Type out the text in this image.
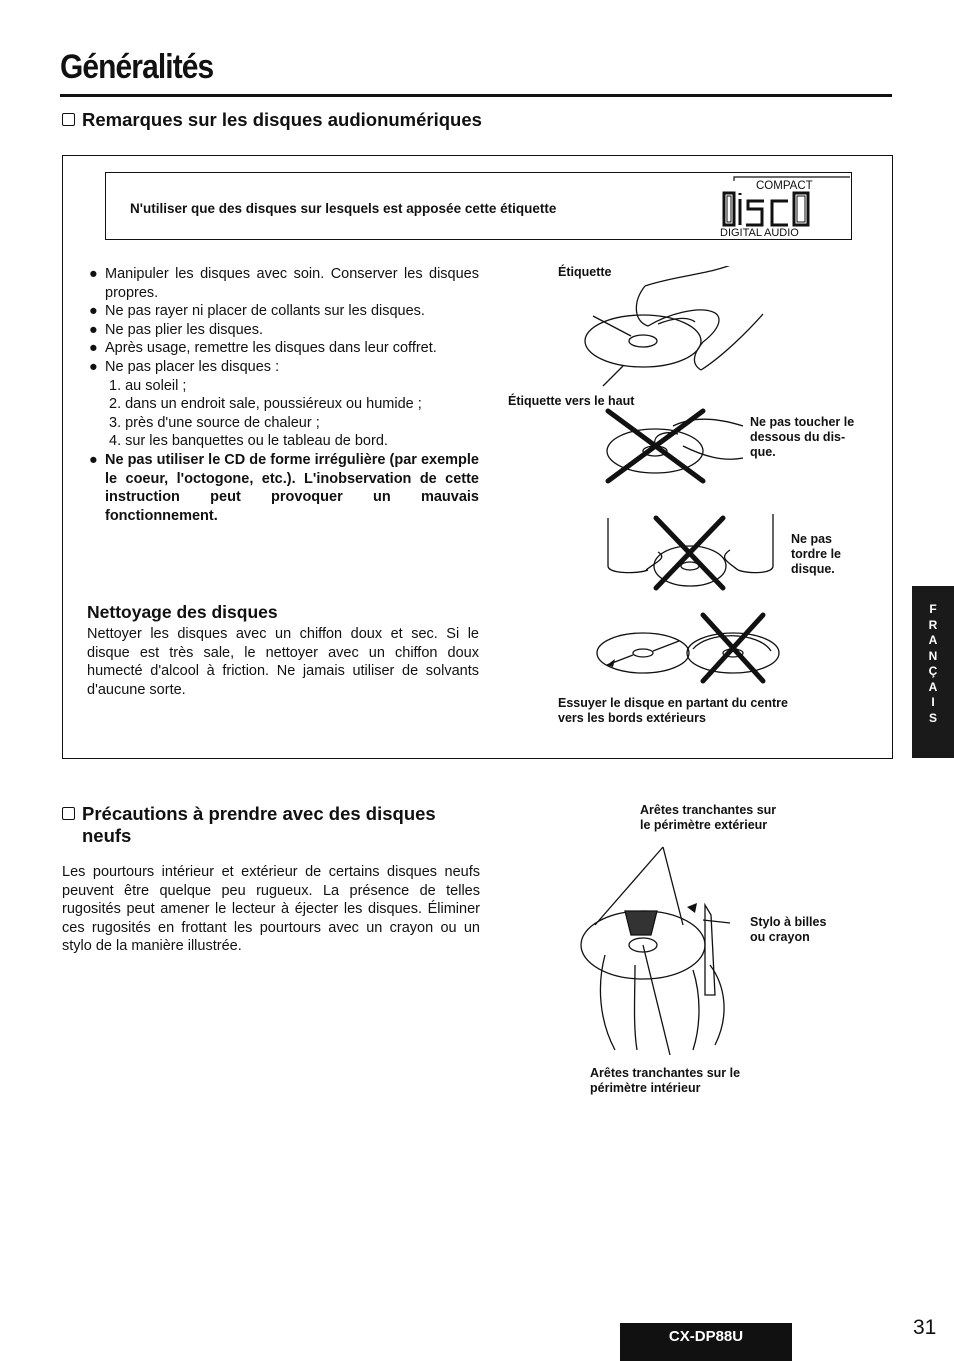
Généralités
Remarques sur les disques audionumériques
N'utiliser que des disques sur lesquels est apposée cette étiquette
COMPACT
DIGITAL AUDIO
● Manipuler les disques avec soin. Conserver les disques propres.
● Ne pas rayer ni placer de collants sur les disques.
● Ne pas plier les disques.
● Après usage, remettre les disques dans leur coffret.
● Ne pas placer les disques :
1. au soleil ;
2. dans un endroit sale, poussiéreux ou humide ;
3. près d'une source de chaleur ;
4. sur les banquettes ou le tableau de bord.
● Ne pas utiliser le CD de forme irrégulière (par exemple le coeur, l'octogone, etc.). L'inobservation de cette instruction peut provoquer un mauvais fonctionnement.
Nettoyage des disques
Nettoyer les disques avec un chiffon doux et sec. Si le disque est très sale, le nettoyer avec un chiffon doux humecté d'alcool à friction. Ne jamais utiliser de solvants d'aucune sorte.
Étiquette
Étiquette vers le haut
Ne pas toucher le
dessous du dis-
que.
Ne pas
tordre le
disque.
Essuyer le disque en partant du centre
vers les bords extérieurs
F
R
A
N
Ç
A
I
S
Précautions à prendre avec des disques
neufs
Les pourtours intérieur et extérieur de certains disques neufs peuvent être quelque peu rugueux. La présence de telles rugosités peut amener le lecteur à éjecter les disques. Éliminer ces rugosités en frottant les pourtours avec un crayon ou un stylo de la manière illustrée.
Arêtes tranchantes sur
le périmètre extérieur
Stylo à billes
ou crayon
Arêtes tranchantes sur le
périmètre intérieur
CX-DP88U	31
